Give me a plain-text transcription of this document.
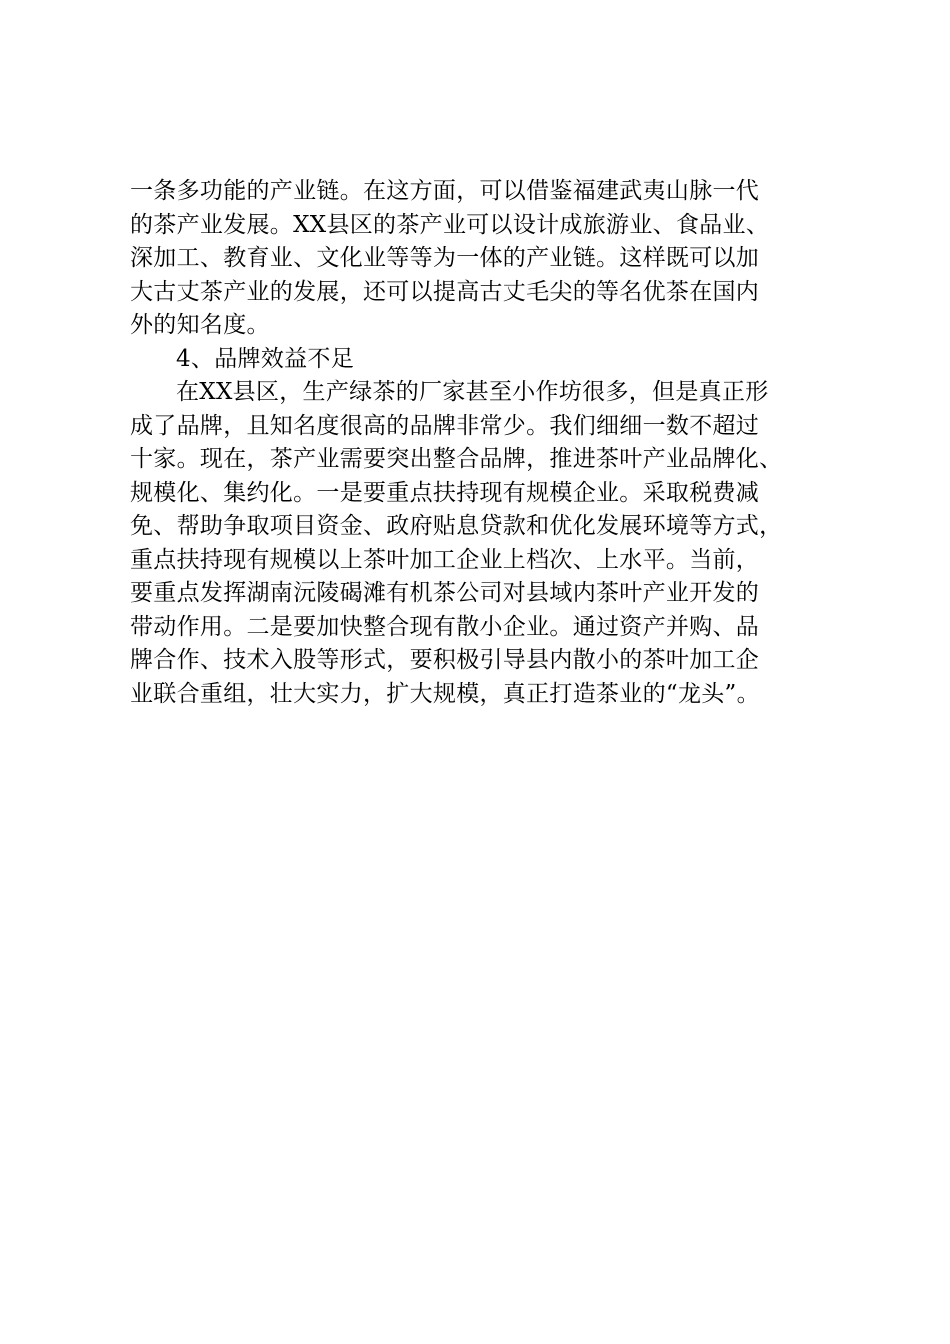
一条多功能的产业链。在这方面，可以借鉴福建武夷山脉一代
的茶产业发展。XX县区的茶产业可以设计成旅游业、食品业、
深加工、教育业、文化业等等为一体的产业链。这样既可以加
大古丈茶产业的发展，还可以提高古丈毛尖的等名优茶在国内
外的知名度。
4、品牌效益不足
在XX县区，生产绿茶的厂家甚至小作坊很多，但是真正形
成了品牌，且知名度很高的品牌非常少。我们细细一数不超过
十家。现在，茶产业需要突出整合品牌，推进茶叶产业品牌化、
规模化、集约化。一是要重点扶持现有规模企业。采取税费减
免、帮助争取项目资金、政府贴息贷款和优化发展环境等方式，
重点扶持现有规模以上茶叶加工企业上档次、上水平。当前，
要重点发挥湖南沅陵碣滩有机茶公司对县域内茶叶产业开发的
带动作用。二是要加快整合现有散小企业。通过资产并购、品
牌合作、技术入股等形式，要积极引导县内散小的茶叶加工企
业联合重组，壮大实力，扩大规模，真正打造茶业的“龙头”。
